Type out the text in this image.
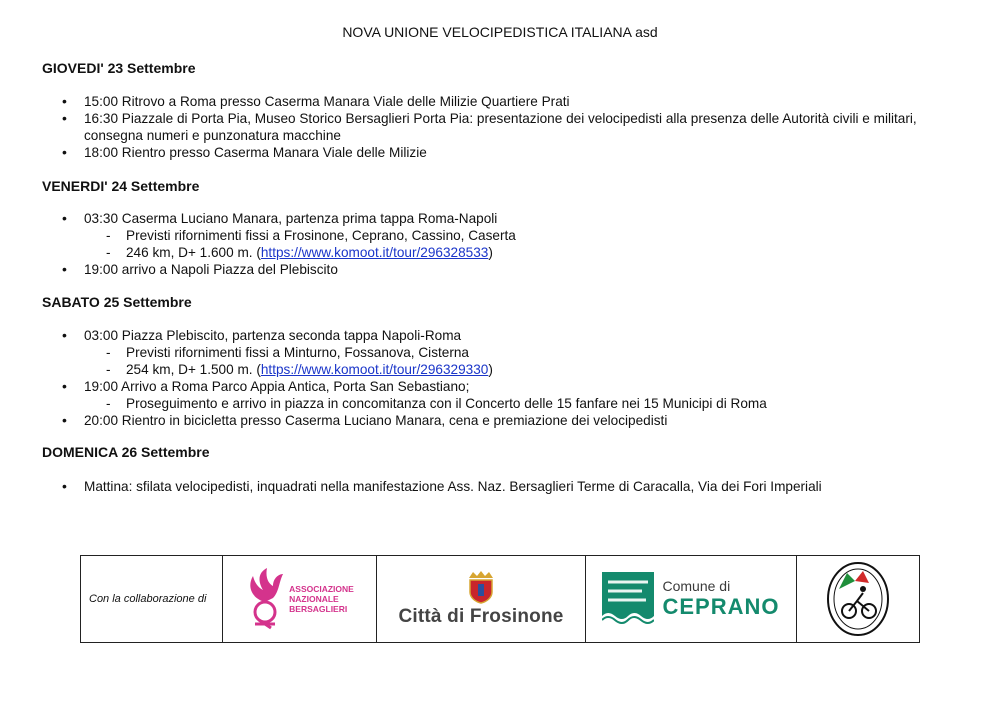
NOVA UNIONE VELOCIPEDISTICA ITALIANA asd
GIOVEDI' 23 Settembre
• 15:00 Ritrovo a Roma presso Caserma Manara Viale delle Milizie Quartiere Prati
• 16:30 Piazzale di Porta Pia, Museo Storico Bersaglieri Porta Pia: presentazione dei velocipedisti alla presenza delle Autorità civili e militari, consegna numeri e punzonatura macchine
• 18:00 Rientro presso Caserma Manara Viale delle Milizie
VENERDI' 24 Settembre
• 03:30 Caserma Luciano Manara, partenza prima tappa Roma-Napoli
- Previsti rifornimenti fissi a Frosinone, Ceprano, Cassino, Caserta
- 246 km, D+ 1.600 m. (https://www.komoot.it/tour/296328533)
• 19:00 arrivo a Napoli Piazza del Plebiscito
SABATO 25 Settembre
• 03:00 Piazza Plebiscito, partenza seconda tappa Napoli-Roma
- Previsti rifornimenti fissi a Minturno, Fossanova, Cisterna
- 254 km, D+ 1.500 m. (https://www.komoot.it/tour/296329330)
• 19:00 Arrivo a Roma Parco Appia Antica, Porta San Sebastiano;
- Proseguimento e arrivo in piazza in concomitanza con il Concerto delle 15 fanfare nei 15 Municipi di Roma
• 20:00 Rientro in bicicletta presso Caserma Luciano Manara, cena e premiazione dei velocipedisti
DOMENICA 26 Settembre
• Mattina: sfilata velocipedisti, inquadrati nella manifestazione Ass. Naz. Bersaglieri Terme di Caracalla, Via dei Fori Imperiali
Con la collaborazione di	
ASSOCIAZIONE
NAZIONALE
BERSAGLIERI	Città di Frosinone

Comune di
CEPRANO
